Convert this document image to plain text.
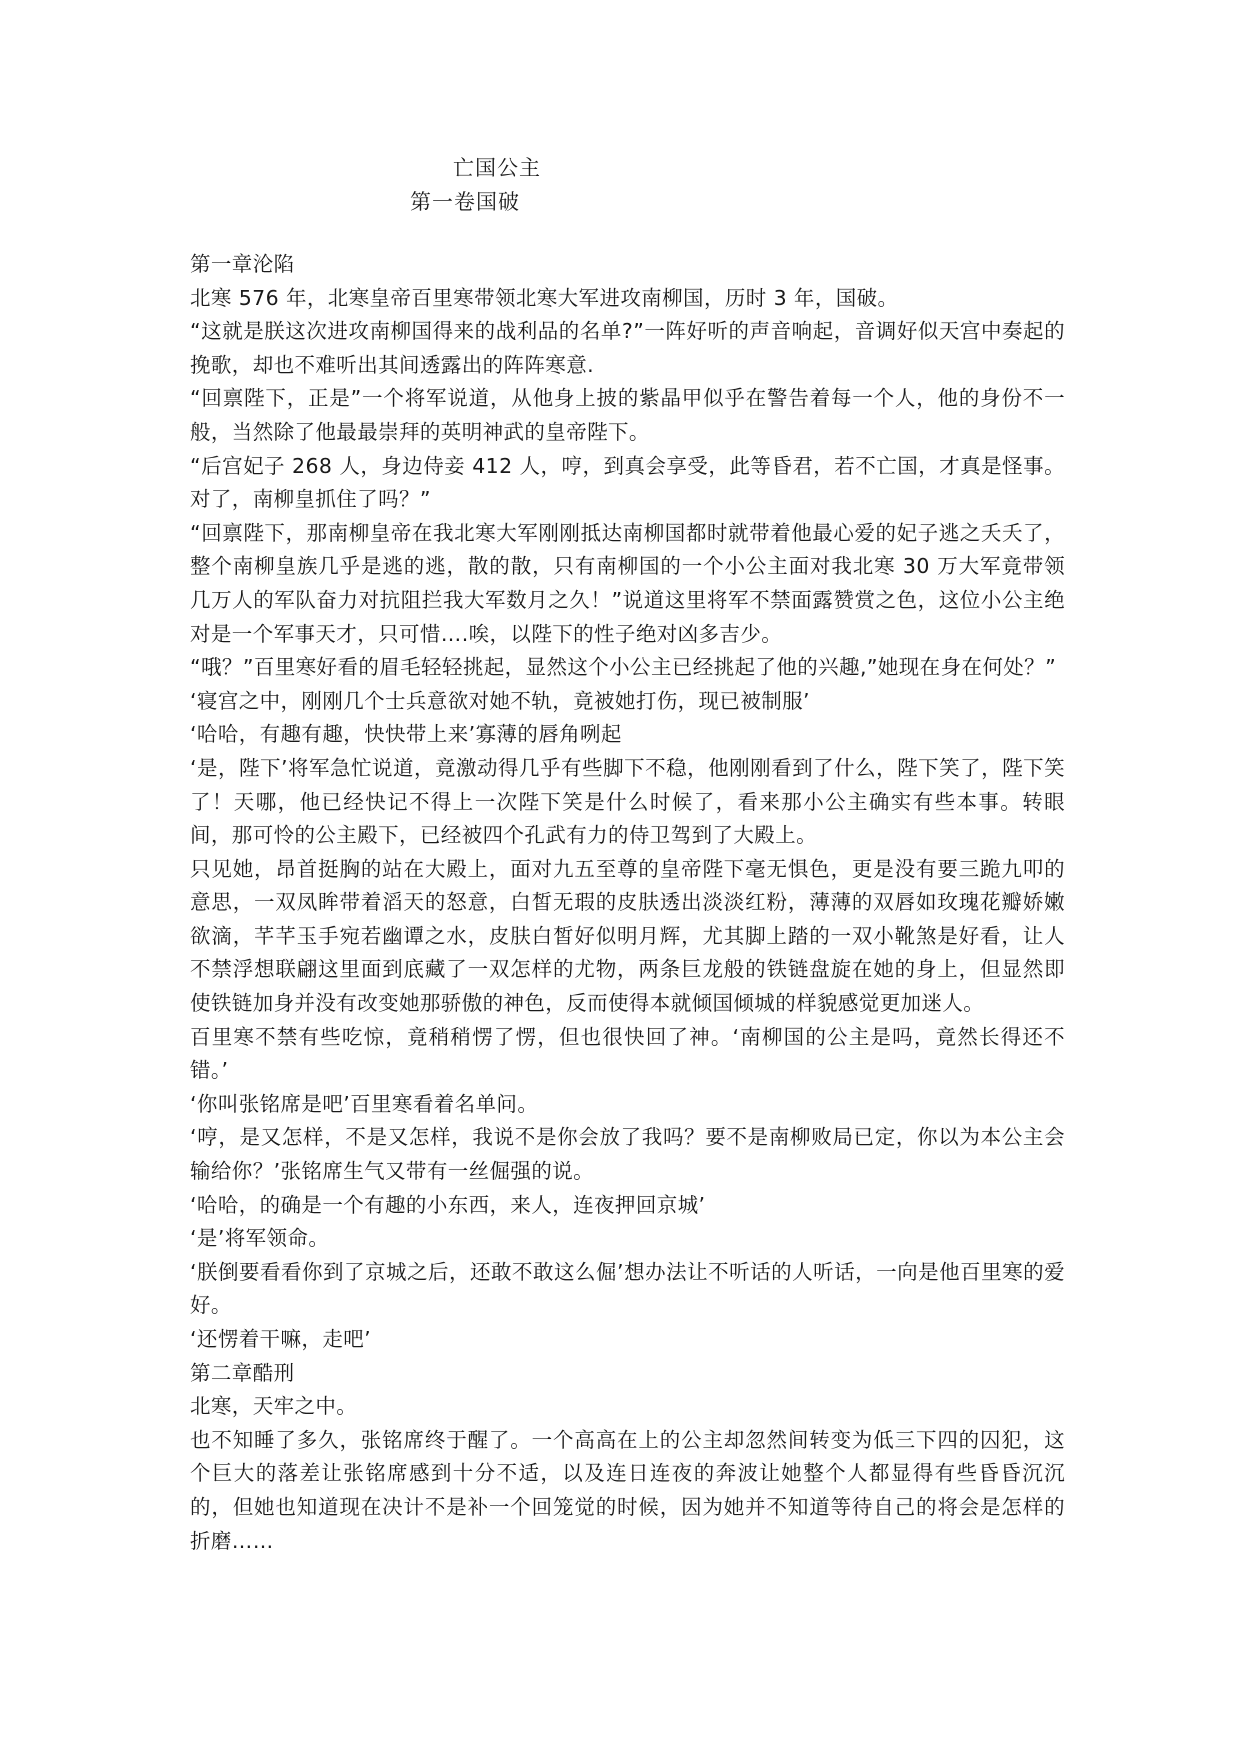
亡国公主
第一卷国破

第一章沦陷

北寒 576 年，北寒皇帝百里寒带领北寒大军进攻南柳国，历时 3 年，国破。

“这就是朕这次进攻南柳国得来的战利品的名单?”一阵好听的声音响起，音调好似天宫中奏起的挽歌，却也不难听出其间透露出的阵阵寒意.

“回禀陛下，正是”一个将军说道，从他身上披的紫晶甲似乎在警告着每一个人，他的身份不一般，当然除了他最最崇拜的英明神武的皇帝陛下。

“后宫妃子 268 人，身边侍妾 412 人，哼，到真会享受，此等昏君，若不亡国，才真是怪事。对了，南柳皇抓住了吗？”

“回禀陛下，那南柳皇帝在我北寒大军刚刚抵达南柳国都时就带着他最心爱的妃子逃之夭夭了，整个南柳皇族几乎是逃的逃，散的散，只有南柳国的一个小公主面对我北寒 30 万大军竟带领几万人的军队奋力对抗阻拦我大军数月之久！”说道这里将军不禁面露赞赏之色，这位小公主绝对是一个军事天才，只可惜….唉，以陛下的性子绝对凶多吉少。

“哦？”百里寒好看的眉毛轻轻挑起，显然这个小公主已经挑起了他的兴趣,”她现在身在何处？”

‘寝宫之中，刚刚几个士兵意欲对她不轨，竟被她打伤，现已被制服’

‘哈哈，有趣有趣，快快带上来’寡薄的唇角咧起

‘是，陛下’将军急忙说道，竟激动得几乎有些脚下不稳，他刚刚看到了什么，陛下笑了，陛下笑了！天哪，他已经快记不得上一次陛下笑是什么时候了，看来那小公主确实有些本事。转眼间，那可怜的公主殿下，已经被四个孔武有力的侍卫驾到了大殿上。

只见她，昂首挺胸的站在大殿上，面对九五至尊的皇帝陛下毫无惧色，更是没有要三跪九叩的意思，一双凤眸带着滔天的怒意，白皙无瑕的皮肤透出淡淡红粉，薄薄的双唇如玫瑰花瓣娇嫩欲滴，芊芊玉手宛若幽谭之水，皮肤白皙好似明月辉，尤其脚上踏的一双小靴煞是好看，让人不禁浮想联翩这里面到底藏了一双怎样的尤物，两条巨龙般的铁链盘旋在她的身上，但显然即使铁链加身并没有改变她那骄傲的神色，反而使得本就倾国倾城的样貌感觉更加迷人。

百里寒不禁有些吃惊，竟稍稍愣了愣，但也很快回了神。‘南柳国的公主是吗，竟然长得还不错。’

‘你叫张铭席是吧’百里寒看着名单问。

‘哼，是又怎样，不是又怎样，我说不是你会放了我吗？要不是南柳败局已定，你以为本公主会输给你？’张铭席生气又带有一丝倔强的说。

‘哈哈，的确是一个有趣的小东西，来人，连夜押回京城’

‘是’将军领命。

‘朕倒要看看你到了京城之后，还敢不敢这么倔’想办法让不听话的人听话，一向是他百里寒的爱好。

‘还愣着干嘛，走吧’

第二章酷刑

北寒，天牢之中。

也不知睡了多久，张铭席终于醒了。一个高高在上的公主却忽然间转变为低三下四的囚犯，这个巨大的落差让张铭席感到十分不适，以及连日连夜的奔波让她整个人都显得有些昏昏沉沉的，但她也知道现在决计不是补一个回笼觉的时候，因为她并不知道等待自己的将会是怎样的折磨……
